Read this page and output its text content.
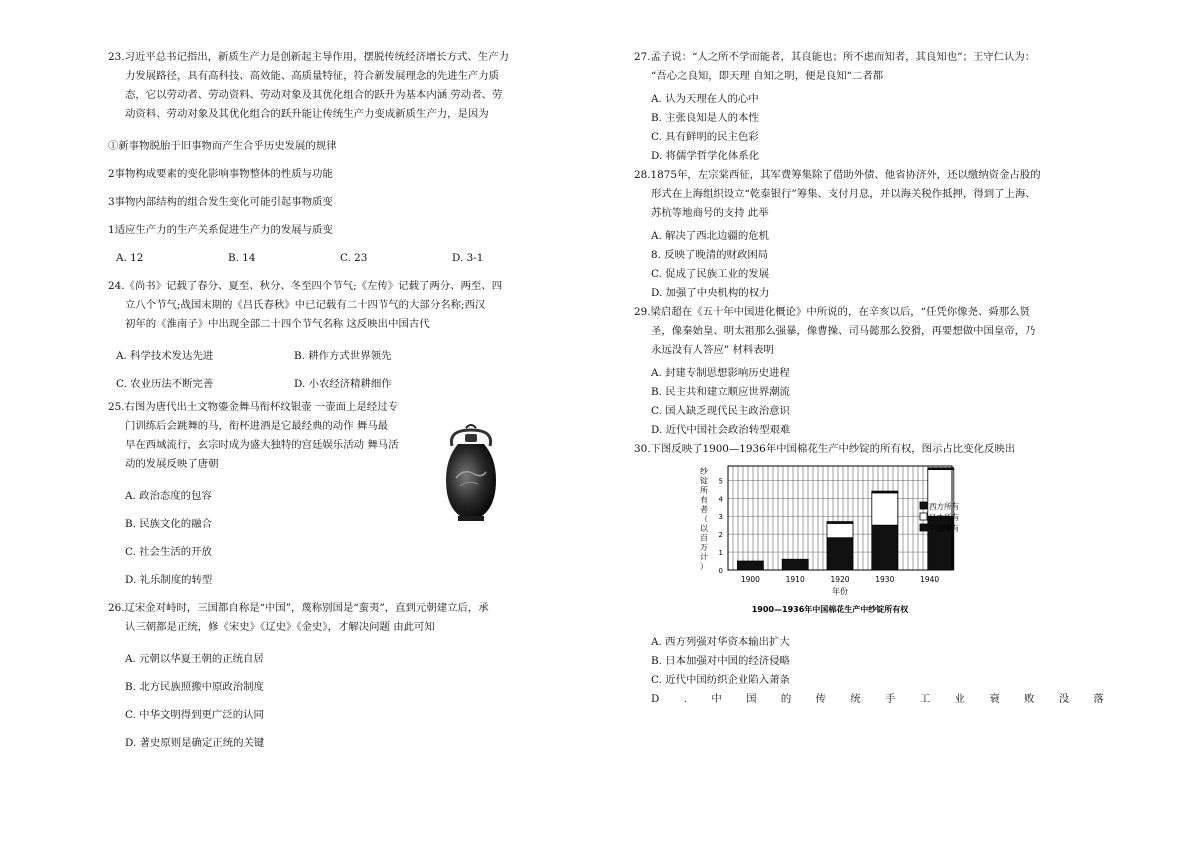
23.习近平总书记指出，新质生产力是创新起主导作用，摆脱传统经济增长方式、生产力
力发展路径，具有高科技、高效能、高质量特征，符合新发展理念的先进生产力质
态，它以劳动者、劳动资料、劳动对象及其优化组合的跃升为基本内涵 劳动者、劳
动资料、劳动对象及其优化组合的跃升能让传统生产力变成新质生产力，是因为

①新事物脱胎于旧事物而产生合乎历史发展的规律

2事物构成要素的变化影响事物整体的性质与功能

3事物内部结构的组合发生变化可能引起事物质变

1适应生产力的生产关系促进生产力的发展与质变

A. 12	B. 14	C. 23	D. 3-1
24.《尚书》记载了春分、夏至、秋分、冬至四个节气;《左传》记载了两分、两至、四
立八个节气;战国末期的《吕氏春秋》中已记载有二十四节气的大部分名称;西汉
初年的《淮南子》中出现全部二十四个节气名称 这反映出中国古代
A. 科学技术发达先进	B. 耕作方式世界领先
C. 农业历法不断完善	D. 小农经济精耕细作
25.右图为唐代出土文物鎏金舞马衔杯纹银壶 一壶面上是经过专
门训练后会跳舞的马，衔杯进酒是它最经典的动作 舞马最
早在西域流行，玄宗时成为盛大独特的宫廷娱乐活动 舞马活
动的发展反映了唐朝

A. 政治态度的包容

B. 民族文化的融合

C. 社会生活的开放

D. 礼乐制度的转型

26.辽宋金对峙时，三国都自称是“中国”，蔑称别国是“蛮夷”，直到元朝建立后，承
认三朝都是正统，修《宋史》《辽史》《金史》，才解决问题 由此可知

A. 元朝以华夏王朝的正统自居

B. 北方民族照搬中原政治制度

C. 中华文明得到更广泛的认同

D. 著史原则是确定正统的关键

27.孟子说：“人之所不学而能者，其良能也；所不虑而知者，其良知也”；王守仁认为：
“吾心之良知，即天理 自知之明，便是良知“二者都

A. 认为天理在人的心中

B. 主张良知是人的本性

C. 具有鲜明的民主色彩

D. 将儒学哲学化体系化

28.1875年，左宗棠西征，其军费筹集除了借助外债、他省协济外，还以缴纳资金占股的
形式在上海组织设立“乾泰银行”筹集、支付月息，并以海关税作抵押，得到了上海、
苏杭等地商号的支持 此举

A. 解决了西北边疆的危机

8. 反映了晚清的财政困局

C. 促成了民族工业的发展

D. 加强了中央机构的权力

29.梁启超在《五十年中国进化概论》中所说的，在辛亥以后，“任凭你像尧、舜那么贤
圣，像秦始皇、明太祖那么强暴，像曹操、司马懿那么狡猾，再要想做中国皇帝，乃
永远没有人答应” 材料表明

A. 封建专制思想影响历史进程

B. 民主共和建立顺应世界潮流

C. 国人缺乏现代民主政治意识

D. 近代中国社会政治转型艰难

30.下图反映了1900—1936年中国棉花生产中纱锭的所有权，图示占比变化反映出

A. 西方列强对华资本输出扩大

B. 日本加强对中国的经济侵略

C. 近代中国纺织企业陷入萧条

D . 中 国 的 传 统 手 工 业 衰 败 没 落
0
1
2
3
4
5
1900	1910	1920	1930	1940
西方所有
日本所有
中国所有
年份
纱
锭
所
有
者
（
以
百
万
计
）
1900—1936年中国棉花生产中纱锭所有权
